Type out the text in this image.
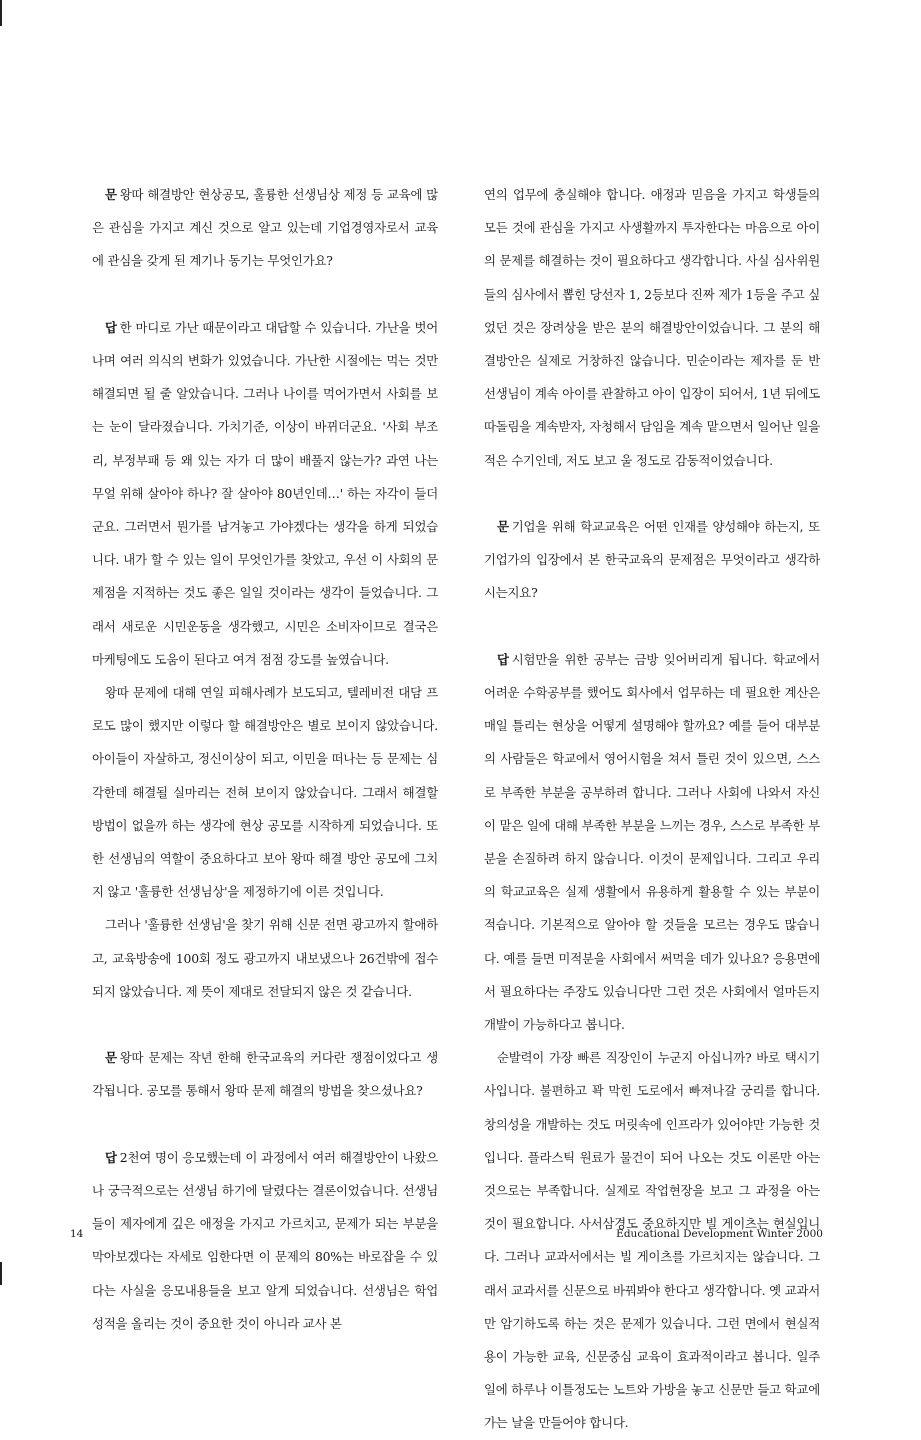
문 왕따 해결방안 현상공모, 훌륭한 선생님상 제정 등 교육에 많은 관심을 가지고 계신 것으로 알고 있는데 기업경영자로서 교육에 관심을 갖게 된 계기나 동기는 무엇인가요?

답 한 마디로 가난 때문이라고 대답할 수 있습니다. 가난을 벗어나며 여러 의식의 변화가 있었습니다. 가난한 시절에는 먹는 것만 해결되면 될 줄 알았습니다. 그러나 나이를 먹어가면서 사회를 보는 눈이 달라졌습니다. 가치기준, 이상이 바뀌더군요. '사회 부조리, 부정부패 등 왜 있는 자가 더 많이 배풀지 않는가? 과연 나는 무얼 위해 살아야 하나? 잘 살아야 80년인데…' 하는 자각이 들더군요. 그러면서 뭔가를 남겨놓고 가야겠다는 생각을 하게 되었습니다. 내가 할 수 있는 일이 무엇인가를 찾았고, 우선 이 사회의 문제점을 지적하는 것도 좋은 일일 것이라는 생각이 들었습니다. 그래서 새로운 시민운동을 생각했고, 시민은 소비자이므로 결국은 마케팅에도 도움이 된다고 여겨 점점 강도를 높였습니다.

왕따 문제에 대해 연일 피해사례가 보도되고, 텔레비전 대담 프로도 많이 했지만 이렇다 할 해결방안은 별로 보이지 않았습니다. 아이들이 자살하고, 정신이상이 되고, 이민을 떠나는 등 문제는 심각한데 해결될 실마리는 전혀 보이지 않았습니다. 그래서 해결할 방법이 없을까 하는 생각에 현상 공모를 시작하게 되었습니다. 또한 선생님의 역할이 중요하다고 보아 왕따 해결 방안 공모에 그치지 않고 '훌륭한 선생님상'을 제정하기에 이른 것입니다.

그러나 '훌륭한 선생님'을 찾기 위해 신문 전면 광고까지 할애하고, 교육방송에 100회 정도 광고까지 내보냈으나 26건밖에 접수되지 않았습니다. 제 뜻이 제대로 전달되지 않은 것 같습니다.

문 왕따 문제는 작년 한해 한국교육의 커다란 쟁점이었다고 생각됩니다. 공모를 통해서 왕따 문제 해결의 방법을 찾으셨나요?

답 2천여 명이 응모했는데 이 과정에서 여러 해결방안이 나왔으나 궁극적으로는 선생님 하기에 달렸다는 결론이었습니다. 선생님들이 제자에게 깊은 애정을 가지고 가르치고, 문제가 되는 부분을 막아보겠다는 자세로 임한다면 이 문제의 80%는 바로잡을 수 있다는 사실을 응모내용들을 보고 알게 되었습니다. 선생님은 학업성적을 올리는 것이 중요한 것이 아니라 교사 본

연의 업무에 충실해야 합니다. 애정과 믿음을 가지고 학생들의 모든 것에 관심을 가지고 사생활까지 투자한다는 마음으로 아이의 문제를 해결하는 것이 필요하다고 생각합니다. 사실 심사위원들의 심사에서 뽑힌 당선자 1, 2등보다 진짜 제가 1등을 주고 싶었던 것은 장려상을 받은 분의 해결방안이었습니다. 그 분의 해결방안은 실제로 거창하진 않습니다. 민순이라는 제자를 둔 반 선생님이 계속 아이를 관찰하고 아이 입장이 되어서, 1년 뒤에도 따돌림을 계속받자, 자청해서 담임을 계속 맡으면서 일어난 일을 적은 수기인데, 저도 보고 울 정도로 감동적이었습니다.

문 기업을 위해 학교교육은 어떤 인재를 양성해야 하는지, 또 기업가의 입장에서 본 한국교육의 문제점은 무엇이라고 생각하시는지요?

답 시험만을 위한 공부는 금방 잊어버리게 됩니다. 학교에서 어려운 수학공부를 했어도 회사에서 업무하는 데 필요한 계산은 매일 틀리는 현상을 어떻게 설명해야 할까요? 예를 들어 대부분의 사람들은 학교에서 영어시험을 쳐서 틀린 것이 있으면, 스스로 부족한 부분을 공부하려 합니다. 그러나 사회에 나와서 자신이 맡은 일에 대해 부족한 부분을 느끼는 경우, 스스로 부족한 부분을 손질하려 하지 않습니다. 이것이 문제입니다. 그리고 우리의 학교교육은 실제 생활에서 유용하게 활용할 수 있는 부분이 적습니다. 기본적으로 알아야 할 것들을 모르는 경우도 많습니다. 예를 들면 미적분을 사회에서 써먹을 데가 있나요? 응용면에서 필요하다는 주장도 있습니다만 그런 것은 사회에서 얼마든지 개발이 가능하다고 봅니다.

순발력이 가장 빠른 직장인이 누군지 아십니까? 바로 택시기사입니다. 불편하고 꽉 막힌 도로에서 빠져나갈 궁리를 합니다. 창의성을 개발하는 것도 머릿속에 인프라가 있어야만 가능한 것입니다. 플라스틱 원료가 물건이 되어 나오는 것도 이론만 아는 것으로는 부족합니다. 실제로 작업현장을 보고 그 과정을 아는 것이 필요합니다. 사서삼경도 중요하지만 빌 게이츠는 현실입니다. 그러나 교과서에서는 빌 게이츠를 가르치지는 않습니다. 그래서 교과서를 신문으로 바꿔봐야 한다고 생각합니다. 옛 교과서만 암기하도록 하는 것은 문제가 있습니다. 그런 면에서 현실적용이 가능한 교육, 신문중심 교육이 효과적이라고 봅니다. 일주일에 하루나 이틀정도는 노트와 가방을 놓고 신문만 들고 학교에 가는 날을 만들어야 합니다.

14	Educational Development Winter 2000
